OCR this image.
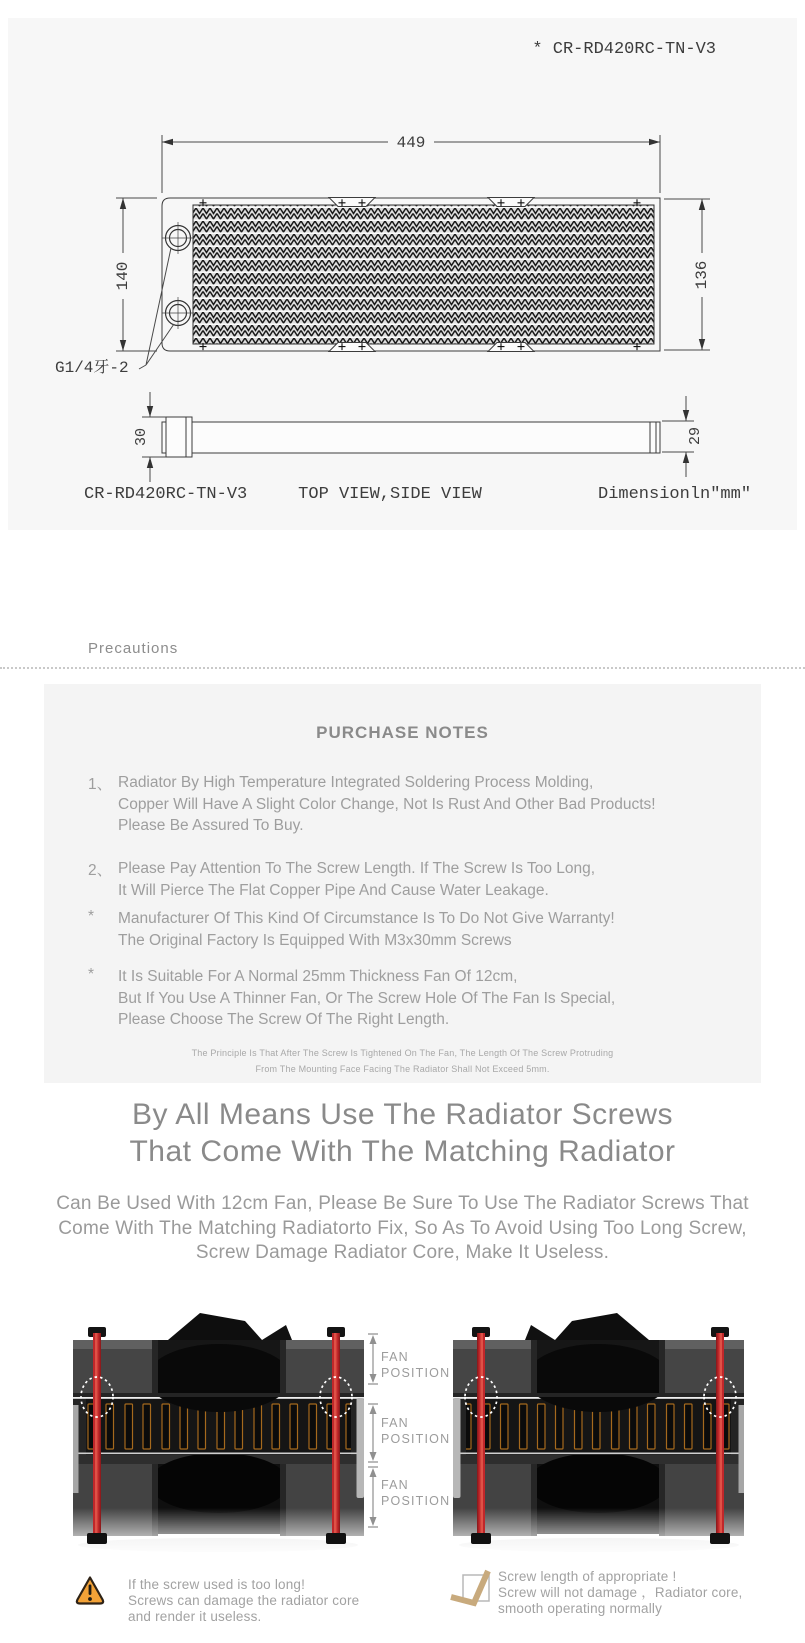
* CR-RD420RC-TN-V3
G1/4牙-2
449
140	136
30	29
CR-RD420RC-TN-V3	TOP VIEW,SIDE VIEW	Dimensionln"mm"
Precautions
PURCHASE NOTES
1、 Radiator By High Temperature Integrated Soldering Process Molding,
Copper Will Have A Slight Color Change, Not Is Rust And Other Bad Products!
Please Be Assured To Buy.
2、 Please Pay Attention To The Screw Length. If The Screw Is Too Long,
It Will Pierce The Flat Copper Pipe And Cause Water Leakage.
* Manufacturer Of This Kind Of Circumstance Is To Do Not Give Warranty!
The Original Factory Is Equipped With M3x30mm Screws
* It Is Suitable For A Normal 25mm Thickness Fan Of 12cm,
But If You Use A Thinner Fan, Or The Screw Hole Of The Fan Is Special,
Please Choose The Screw Of The Right Length.
The Principle Is That After The Screw Is Tightened On The Fan, The Length Of The Screw Protruding
From The Mounting Face Facing The Radiator Shall Not Exceed 5mm.
By All Means Use The Radiator Screws
That Come With The Matching Radiator
Can Be Used With 12cm Fan, Please Be Sure To Use The Radiator Screws That
Come With The Matching Radiatorto Fix, So As To Avoid Using Too Long Screw,
Screw Damage Radiator Core, Make It Useless.
FAN POSITION
FAN POSITION
FAN POSITION
If the screw used is too long!
Screws can damage the radiator core
and render it useless.
Screw length of appropriate !
Screw will not damage ，Radiator core,
smooth operating normally
